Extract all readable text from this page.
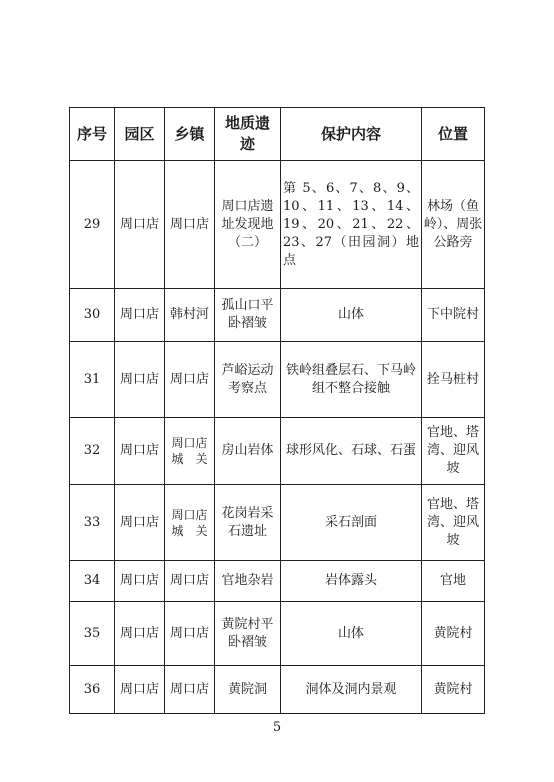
序号	园区	乡镇	地质遗迹	保护内容	位置
29	周口店	周口店	周口店遗址发现地（二）	第 5、6、7、8、9、10、11、13、14、19、20、21、22、23、27（田园洞）地点	林场（鱼岭）、周张公路旁
30	周口店	韩村河	孤山口平卧褶皱	山体	下中院村
31	周口店	周口店	芦峪运动考察点	铁岭组叠层石、下马岭组不整合接触	拴马桩村
32	周口店	周口店城　关	房山岩体	球形风化、石球、石蛋	官地、塔湾、迎风坡
33	周口店	周口店城　关	花岗岩采石遗址	采石剖面	官地、塔湾、迎风坡
34	周口店	周口店	官地杂岩	岩体露头	官地
35	周口店	周口店	黄院村平卧褶皱	山体	黄院村
36	周口店	周口店	黄院洞	洞体及洞内景观	黄院村
5
